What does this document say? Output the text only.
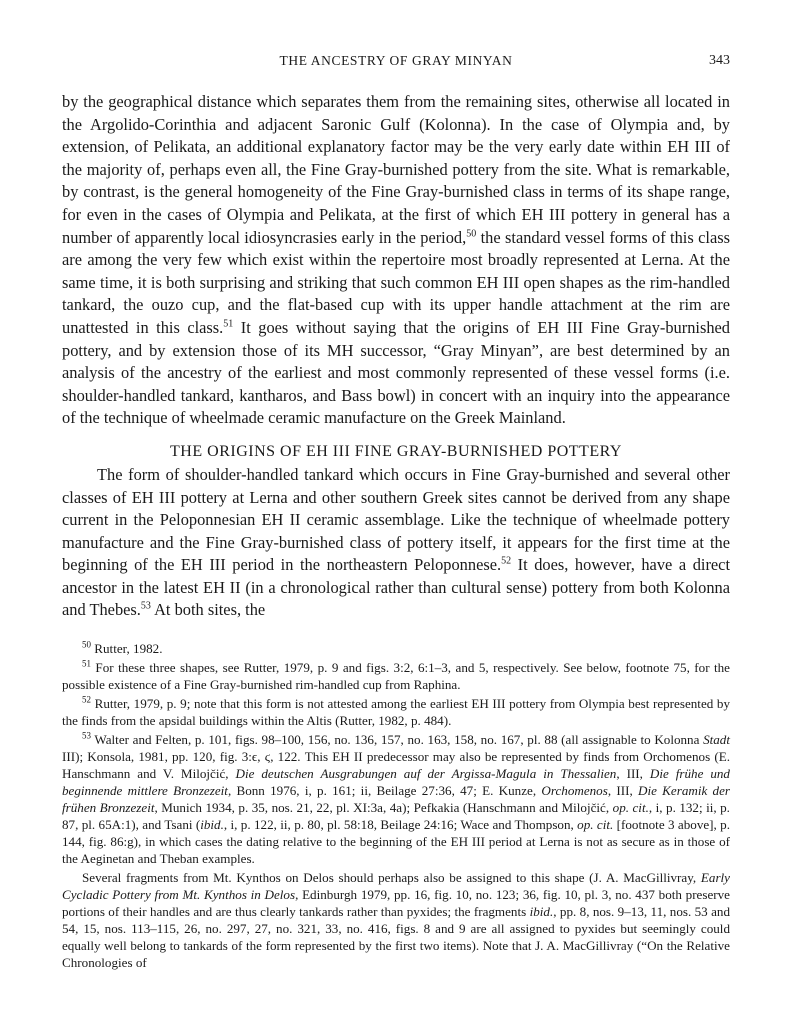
THE ANCESTRY OF GRAY MINYAN	343

by the geographical distance which separates them from the remaining sites, otherwise all located in the Argolido-Corinthia and adjacent Saronic Gulf (Kolonna). In the case of Olympia and, by extension, of Pelikata, an additional explanatory factor may be the very early date within EH III of the majority of, perhaps even all, the Fine Gray-burnished pottery from the site. What is remarkable, by contrast, is the general homogeneity of the Fine Gray-burnished class in terms of its shape range, for even in the cases of Olympia and Pelikata, at the first of which EH III pottery in general has a number of apparently local idiosyncrasies early in the period,$^{50}$ the standard vessel forms of this class are among the very few which exist within the repertoire most broadly represented at Lerna. At the same time, it is both surprising and striking that such common EH III open shapes as the rim-handled tankard, the ouzo cup, and the flat-based cup with its upper handle attachment at the rim are unattested in this class.$^{51}$ It goes without saying that the origins of EH III Fine Gray-burnished pottery, and by extension those of its MH successor, “Gray Minyan”, are best determined by an analysis of the ancestry of the earliest and most commonly represented of these vessel forms (i.e. shoulder-handled tankard, kantharos, and Bass bowl) in concert with an inquiry into the appearance of the technique of wheelmade ceramic manufacture on the Greek Mainland.

THE ORIGINS OF EH III FINE GRAY-BURNISHED POTTERY

The form of shoulder-handled tankard which occurs in Fine Gray-burnished and several other classes of EH III pottery at Lerna and other southern Greek sites cannot be derived from any shape current in the Peloponnesian EH II ceramic assemblage. Like the technique of wheelmade pottery manufacture and the Fine Gray-burnished class of pottery itself, it appears for the first time at the beginning of the EH III period in the northeastern Peloponnese.$^{52}$ It does, however, have a direct ancestor in the latest EH II (in a chronological rather than cultural sense) pottery from both Kolonna and Thebes.$^{53}$ At both sites, the

$^{50}$ Rutter, 1982.

$^{51}$ For these three shapes, see Rutter, 1979, p. 9 and figs. 3:2, 6:1–3, and 5, respectively. See below, footnote 75, for the possible existence of a Fine Gray-burnished rim-handled cup from Raphina.

$^{52}$ Rutter, 1979, p. 9; note that this form is not attested among the earliest EH III pottery from Olympia best represented by the finds from the apsidal buildings within the Altis (Rutter, 1982, p. 484).

$^{53}$ Walter and Felten, p. 101, figs. 98–100, 156, no. 136, 157, no. 163, 158, no. 167, pl. 88 (all assignable to Kolonna Stadt III); Konsola, 1981, pp. 120, fig. 3:ϵ, ϛ, 122. This EH II predecessor may also be represented by finds from Orchomenos (E. Hanschmann and V. Milojčić, Die deutschen Ausgrabungen auf der Argissa-Magula in Thessalien, III, Die frühe und beginnende mittlere Bronzezeit, Bonn 1976, i, p. 161; ii, Beilage 27:36, 47; E. Kunze, Orchomenos, III, Die Keramik der frühen Bronzezeit, Munich 1934, p. 35, nos. 21, 22, pl. XI:3a, 4a); Pefkakia (Hanschmann and Milojčić, op. cit., i, p. 132; ii, p. 87, pl. 65A:1), and Tsani (ibid., i, p. 122, ii, p. 80, pl. 58:18, Beilage 24:16; Wace and Thompson, op. cit. [footnote 3 above], p. 144, fig. 86:g), in which cases the dating relative to the beginning of the EH III period at Lerna is not as secure as in those of the Aeginetan and Theban examples.

Several fragments from Mt. Kynthos on Delos should perhaps also be assigned to this shape (J. A. MacGillivray, Early Cycladic Pottery from Mt. Kynthos in Delos, Edinburgh 1979, pp. 16, fig. 10, no. 123; 36, fig. 10, pl. 3, no. 437 both preserve portions of their handles and are thus clearly tankards rather than pyxides; the fragments ibid., pp. 8, nos. 9–13, 11, nos. 53 and 54, 15, nos. 113–115, 26, no. 297, 27, no. 321, 33, no. 416, figs. 8 and 9 are all assigned to pyxides but seemingly could equally well belong to tankards of the form represented by the first two items). Note that J. A. MacGillivray (“On the Relative Chronologies of
